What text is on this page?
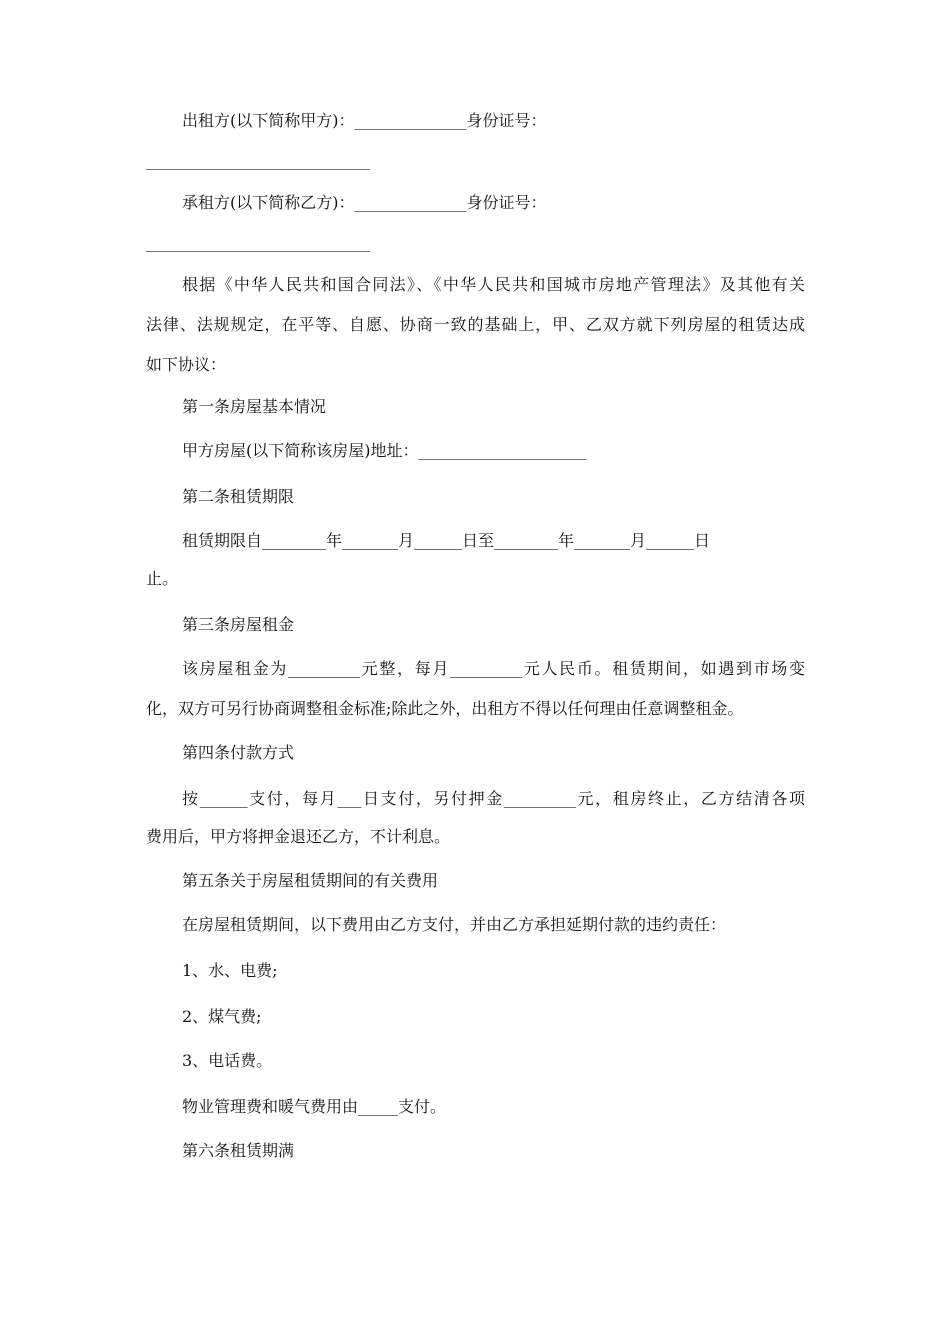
出租方(以下简称甲方)：______________身份证号：
____________________________
承租方(以下简称乙方)：______________身份证号：
____________________________
根据《中华人民共和国合同法》、《中华人民共和国城市房地产管理法》及其他有关
法律、法规规定，在平等、自愿、协商一致的基础上，甲、乙双方就下列房屋的租赁达成
如下协议：
第一条房屋基本情况
甲方房屋(以下简称该房屋)地址：_____________________
第二条租赁期限
租赁期限自________年_______月______日至________年_______月______日
止。
第三条房屋租金
该房屋租金为_________元整，每月_________元人民币。租赁期间，如遇到市场变
化，双方可另行协商调整租金标准;除此之外，出租方不得以任何理由任意调整租金。
第四条付款方式
按______支付，每月___日支付，另付押金_________元，租房终止，乙方结清各项
费用后，甲方将押金退还乙方，不计利息。
第五条关于房屋租赁期间的有关费用
在房屋租赁期间，以下费用由乙方支付，并由乙方承担延期付款的违约责任：
1、水、电费;
2、煤气费;
3、电话费。
物业管理费和暖气费用由_____支付。
第六条租赁期满
